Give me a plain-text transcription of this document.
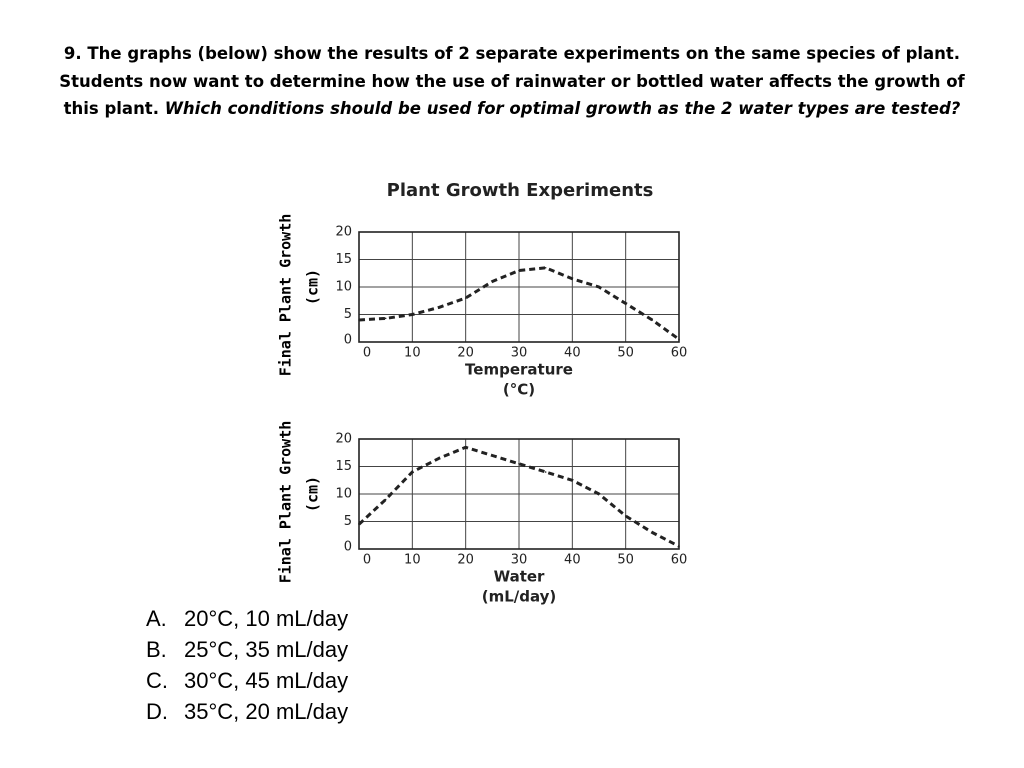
9. The graphs (below) show the results of 2 separate experiments on the same species of plant. Students now want to determine how the use of rainwater or bottled water affects the growth of this plant. Which conditions should be used for optimal growth as the 2 water types are tested?

Plant Growth Experiments
0	10	20	30	40	50	60
0
5
10
15
20
Temperature
(°C)
Final Plant Growth (cm)
0	10	20	30	40	50	60
0
5
10
15
20
Water
(mL/day)
Final Plant Growth (cm)
A. 20°C, 10 mL/day
B. 25°C, 35 mL/day
C. 30°C, 45 mL/day
D. 35°C, 20 mL/day
